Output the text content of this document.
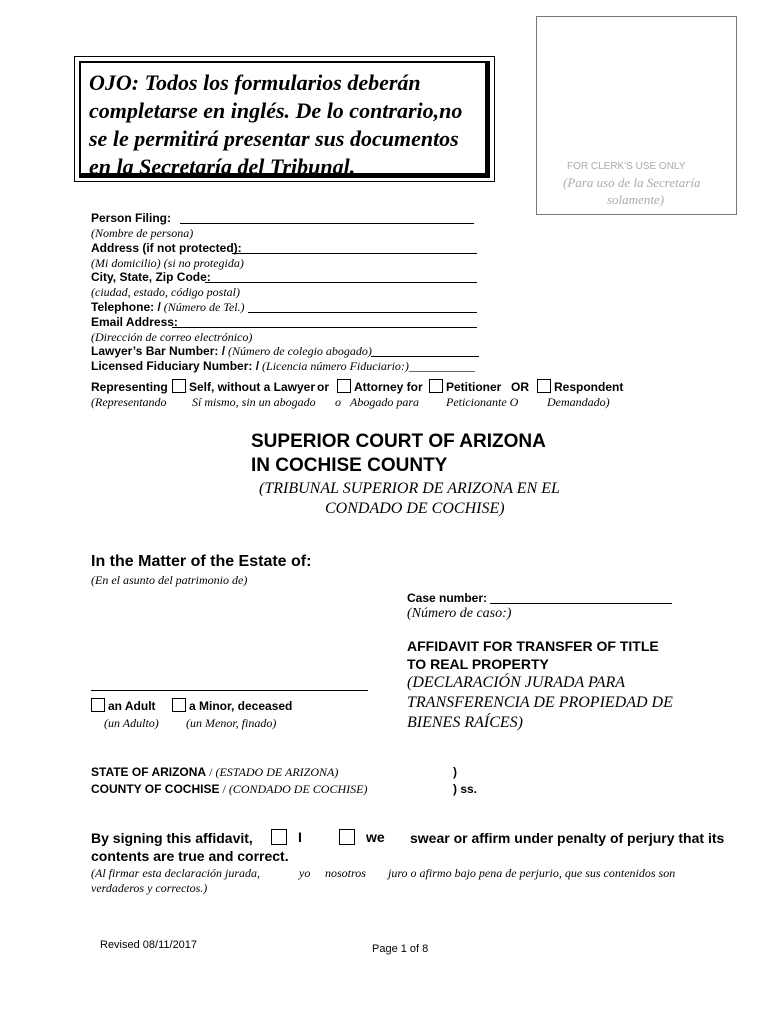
OJO: Todos los formularios deberán
completarse en inglés. De lo contrario,no
se le permitirá presentar sus documentos
en la Secretaría del Tribunal.	FOR CLERK'S USE ONLY
(Para uso de la Secretaría
solamente)
Person Filing:
(Nombre de persona)
Address (if not protected):
(Mi domicilio) (si no protegida)
City, State, Zip Code:
(ciudad, estado, código postal)
Telephone: / (Número de Tel.)
Email Address:
(Dirección de correo electrónico)
Lawyer’s Bar Number: / (Número de colegio abogado)
Licensed Fiduciary Number: / (Licencia número Fiduciario:)___________
Representing	Self, without a Lawyer or	Attorney for	Petitioner OR	Respondent
(Representando Sí mismo, sin un abogado o Abogado para Peticionante O Demandado)
SUPERIOR COURT OF ARIZONA
IN COCHISE COUNTY
(TRIBUNAL SUPERIOR DE ARIZONA EN EL
CONDADO DE COCHISE)
In the Matter of the Estate of:
(En el asunto del patrimonio de)
an Adult	a Minor, deceased
(un Adulto) (un Menor, finado)
Case number:
(Número de caso:)
AFFIDAVIT FOR TRANSFER OF TITLE
TO REAL PROPERTY
(DECLARACIÓN JURADA PARA
TRANSFERENCIA DE PROPIEDAD DE
BIENES RAÍCES)
STATE OF ARIZONA / (ESTADO DE ARIZONA)	)
COUNTY OF COCHISE / (CONDADO DE COCHISE)	) ss.
By signing this affidavit,	I	we swear or affirm under penalty of perjury that its
contents are true and correct.
(Al firmar esta declaración jurada,	yo nosotros juro o afirmo bajo pena de perjurio, que sus contenidos son
verdaderos y correctos.)
Revised 08/11/2017	Page 1 of 8
